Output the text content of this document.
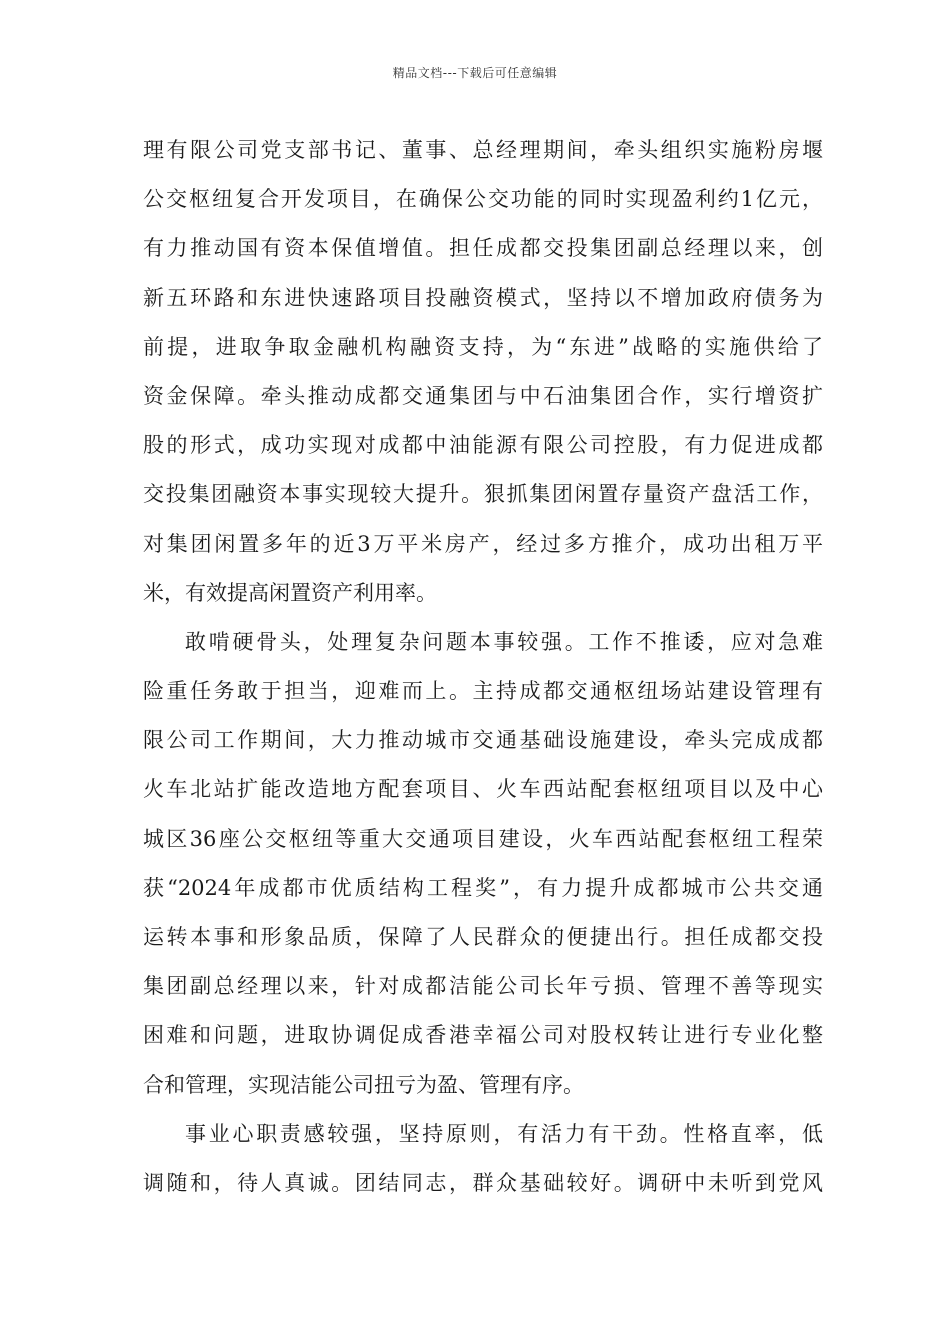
精品文档---下载后可任意编辑

理有限公司党支部书记、董事、总经理期间，牵头组织实施粉房堰
公交枢纽复合开发项目，在确保公交功能的同时实现盈利约1亿元，
有力推动国有资本保值增值。担任成都交投集团副总经理以来，创
新五环路和东进快速路项目投融资模式，坚持以不增加政府债务为
前提，进取争取金融机构融资支持，为“东进”战略的实施供给了
资金保障。牵头推动成都交通集团与中石油集团合作，实行增资扩
股的形式，成功实现对成都中油能源有限公司控股，有力促进成都
交投集团融资本事实现较大提升。狠抓集团闲置存量资产盘活工作，
对集团闲置多年的近3万平米房产，经过多方推介，成功出租万平
米，有效提高闲置资产利用率。

敢啃硬骨头，处理复杂问题本事较强。工作不推诿，应对急难
险重任务敢于担当，迎难而上。主持成都交通枢纽场站建设管理有
限公司工作期间，大力推动城市交通基础设施建设，牵头完成成都
火车北站扩能改造地方配套项目、火车西站配套枢纽项目以及中心
城区36座公交枢纽等重大交通项目建设，火车西站配套枢纽工程荣
获“2024年成都市优质结构工程奖”，有力提升成都城市公共交通
运转本事和形象品质，保障了人民群众的便捷出行。担任成都交投
集团副总经理以来，针对成都洁能公司长年亏损、管理不善等现实
困难和问题，进取协调促成香港幸福公司对股权转让进行专业化整
合和管理，实现洁能公司扭亏为盈、管理有序。

事业心职责感较强，坚持原则，有活力有干劲。性格直率，低
调随和，待人真诚。团结同志，群众基础较好。调研中未听到党风
